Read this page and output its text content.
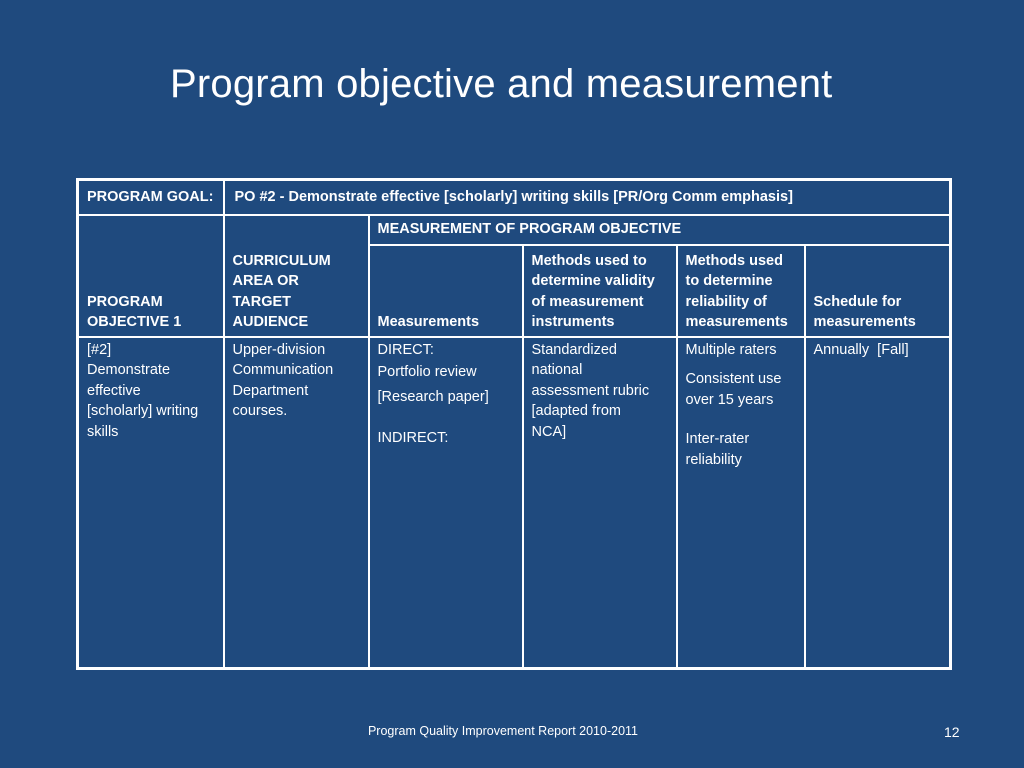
Program objective and measurement
PROGRAM GOAL:	PO #2 - Demonstrate effective [scholarly] writing skills [PR/Org Comm emphasis]				

PROGRAM
OBJECTIVE 1	CURRICULUM
AREA OR TARGET
AUDIENCE	MEASUREMENT OF PROGRAM OBJECTIVE			

		Measurements	Methods used to
determine validity
of measurement
instruments	Methods used
to determine
reliability of
measurements	Schedule for
measurements

[#2]
Demonstrate
effective
[scholarly] writing
skills	Upper-division
Communication
Department
courses.	DIRECT:
Portfolio review
[Research paper]
INDIRECT:	Standardized
national
assessment rubric
[adapted from
NCA]	Multiple raters
Consistent use
over 15 years
Inter-rater
reliability	Annually  [Fall]
Program Quality Improvement Report 2010-2011	12
